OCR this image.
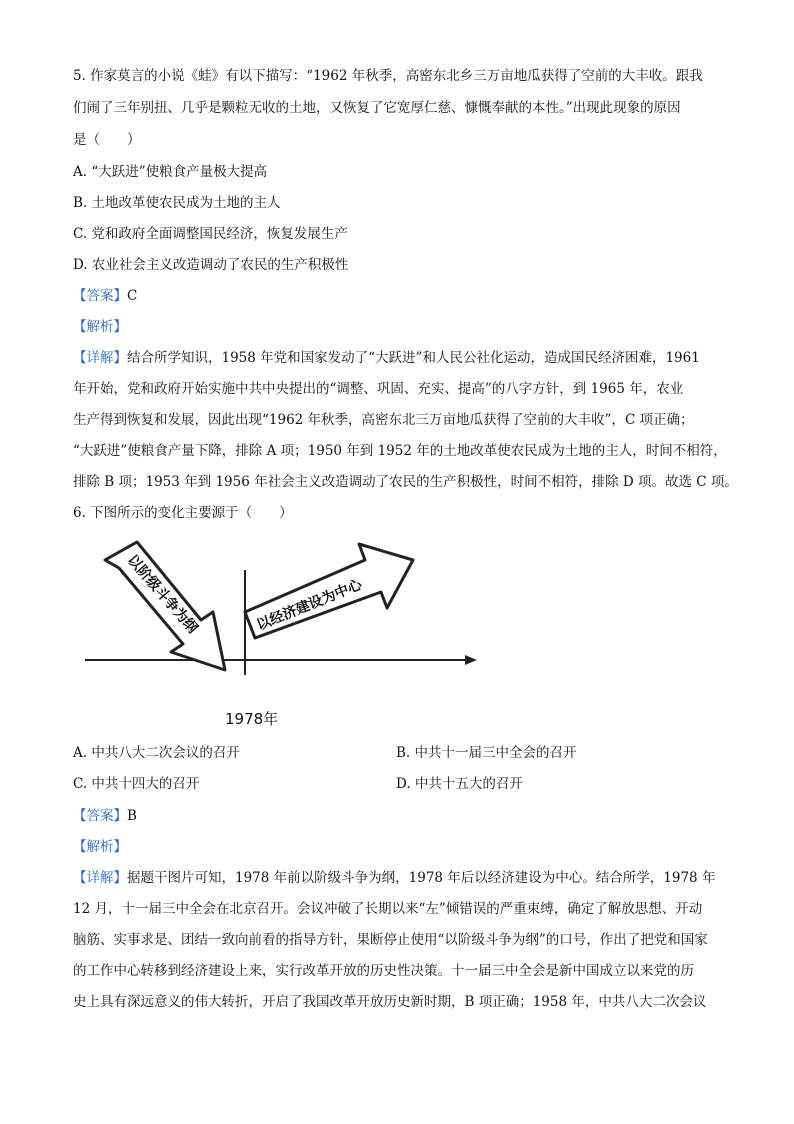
5. 作家莫言的小说《蛙》有以下描写：“1962 年秋季，高密东北乡三万亩地瓜获得了空前的大丰收。跟我
们闹了三年别扭、几乎是颗粒无收的土地，又恢复了它宽厚仁慈、慷慨奉献的本性。”出现此现象的原因
是（　　）
A. “大跃进”使粮食产量极大提高
B. 土地改革使农民成为土地的主人
C. 党和政府全面调整国民经济，恢复发展生产
D. 农业社会主义改造调动了农民的生产积极性
【答案】C
【解析】
【详解】结合所学知识，1958 年党和国家发动了“大跃进”和人民公社化运动，造成国民经济困难，1961
年开始，党和政府开始实施中共中央提出的“调整、巩固、充实、提高”的八字方针，到 1965 年，农业
生产得到恢复和发展，因此出现“1962 年秋季，高密东北三万亩地瓜获得了空前的大丰收”，C 项正确；
“大跃进”使粮食产量下降，排除 A 项；1950 年到 1952 年的土地改革使农民成为土地的主人，时间不相符，
排除 B 项；1953 年到 1956 年社会主义改造调动了农民的生产积极性，时间不相符，排除 D 项。故选 C 项。
6. 下图所示的变化主要源于（　　）
以阶级斗争为纲	以经济建设为中心
1978年
A. 中共八大二次会议的召开	B. 中共十一届三中全会的召开
C. 中共十四大的召开	D. 中共十五大的召开
【答案】B
【解析】
【详解】据题干图片可知，1978 年前以阶级斗争为纲，1978 年后以经济建设为中心。结合所学，1978 年
12 月，十一届三中全会在北京召开。会议冲破了长期以来“左”倾错误的严重束缚，确定了解放思想、开动
脑筋、实事求是、团结一致向前看的指导方针，果断停止使用“以阶级斗争为纲”的口号，作出了把党和国家
的工作中心转移到经济建设上来，实行改革开放的历史性决策。十一届三中全会是新中国成立以来党的历
史上具有深远意义的伟大转折，开启了我国改革开放历史新时期，B 项正确；1958 年，中共八大二次会议
